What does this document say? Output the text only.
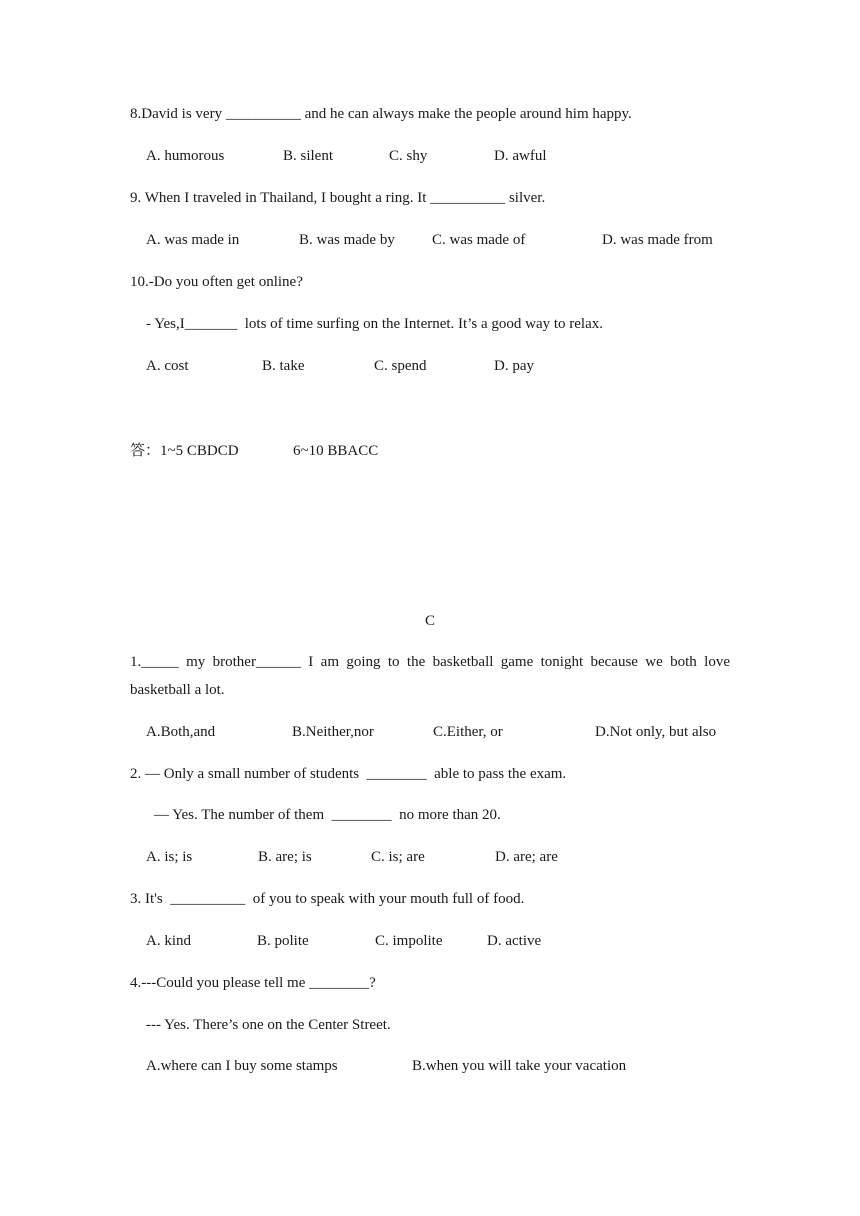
8.David is very __________ and he can always make the people around him happy.
A. humorous	B. silent	C. shy	D. awful
9. When I traveled in Thailand, I bought a ring. It __________ silver.
A. was made in	B. was made by C. was made of	D. was made from
10.-Do you often get online?
- Yes,I_______  lots of time surfing on the Internet. It’s a good way to relax.
A. cost	B. take	C. spend	D. pay
答：1~5 CBDCD	6~10 BBACC
C
1._____ my brother______ I am going to the basketball game tonight because we both love
basketball a lot.
A.Both,and	B.Neither,nor	C.Either, or	D.Not only, but also
2. — Only a small number of students  ________  able to pass the exam.
— Yes. The number of them  ________  no more than 20.
A. is; is	B. are; is	C. is; are	D. are; are
3. It's  __________  of you to speak with your mouth full of food.
A. kind	B. polite	C. impolite	D. active
4.---Could you please tell me ________?
--- Yes. There’s one on the Center Street.
A.where can I buy some stamps	B.when you will take your vacation
